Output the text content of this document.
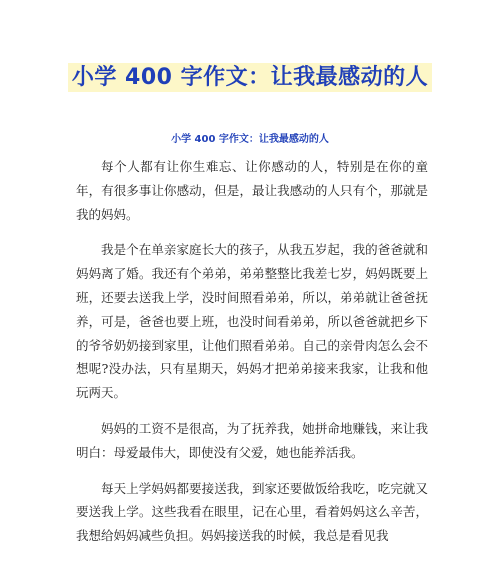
小学 400 字作文：让我最感动的人
小学 400 字作文：让我最感动的人

每个人都有让你生难忘、让你感动的人，特别是在你的童年，有很多事让你感动，但是，最让我感动的人只有个，那就是我的妈妈。

我是个在单亲家庭长大的孩子，从我五岁起，我的爸爸就和妈妈离了婚。我还有个弟弟，弟弟整整比我差七岁，妈妈既要上班，还要去送我上学，没时间照看弟弟，所以，弟弟就让爸爸抚养，可是，爸爸也要上班，也没时间看弟弟，所以爸爸就把乡下的爷爷奶奶接到家里，让他们照看弟弟。自己的亲骨肉怎么会不想呢?没办法，只有星期天，妈妈才把弟弟接来我家，让我和他玩两天。

妈妈的工资不是很高，为了抚养我，她拼命地赚钱，来让我明白：母爱最伟大，即使没有父爱，她也能养活我。

每天上学妈妈都要接送我，到家还要做饭给我吃，吃完就又要送我上学。这些我看在眼里，记在心里，看着妈妈这么辛苦，我想给妈妈减些负担。妈妈接送我的时候，我总是看见我
